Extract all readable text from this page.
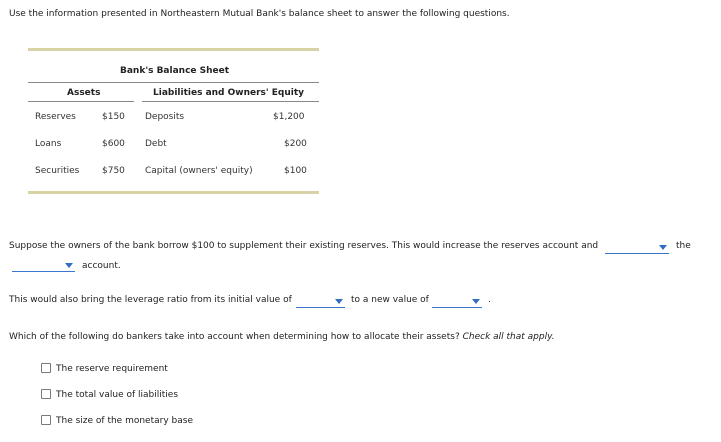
Use the information presented in Northeastern Mutual Bank's balance sheet to answer the following questions.
Bank's Balance Sheet
Assets	Liabilities and Owners' Equity
Reserves	$150 Deposits	$1,200
Loans	$600 Debt	$200
Securities	$750 Capital (owners' equity)	$100
Suppose the owners of the bank borrow $100 to supplement their existing reserves. This would increase the reserves account and	the
account.
This would also bring the leverage ratio from its initial value of	to a new value of	.
Which of the following do bankers take into account when determining how to allocate their assets? Check all that apply.
The reserve requirement
The total value of liabilities
The size of the monetary base
